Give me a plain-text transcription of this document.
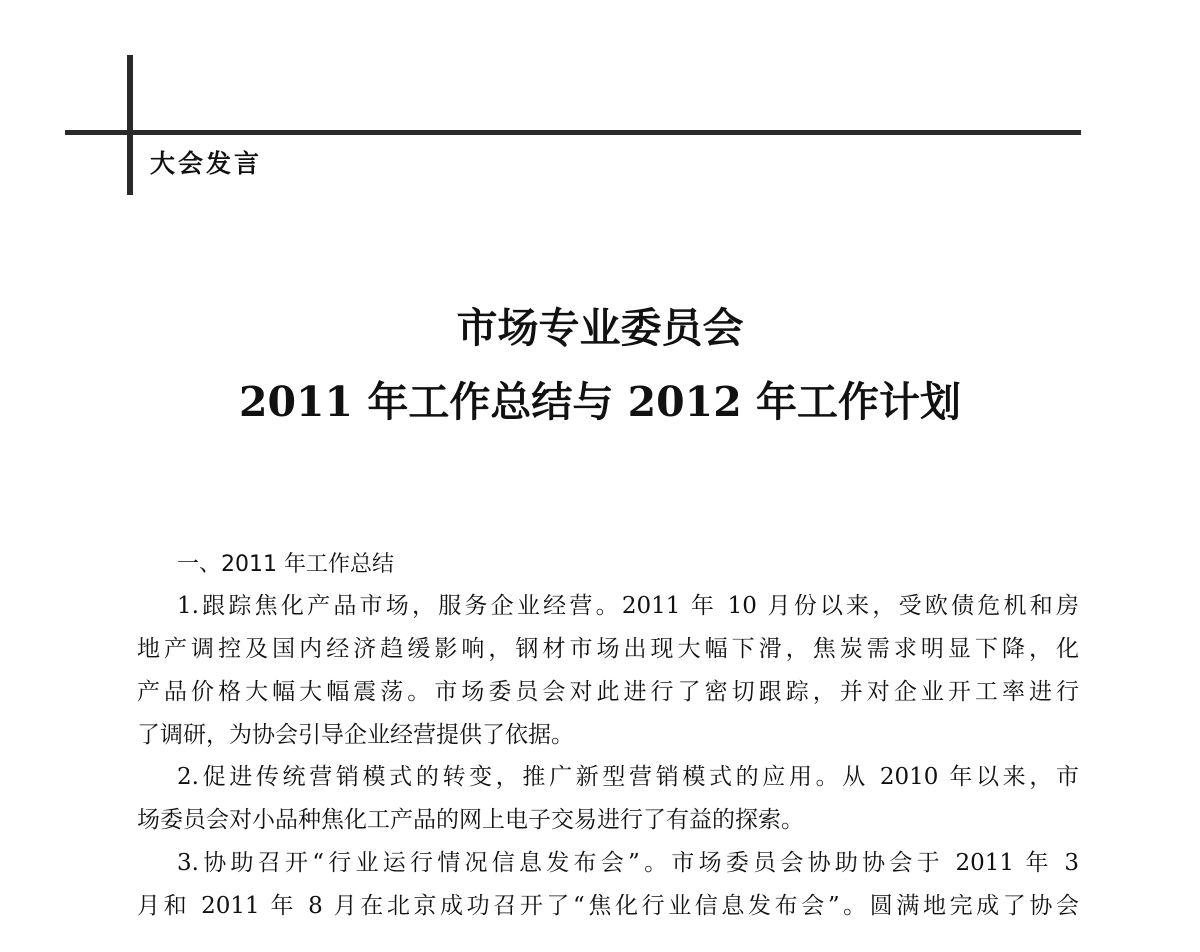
大会发言
市场专业委员会
2011 年工作总结与 2012 年工作计划
一、2011 年工作总结
1.跟踪焦化产品市场，服务企业经营。2011 年 10 月份以来，受欧债危机和房
地产调控及国内经济趋缓影响，钢材市场出现大幅下滑，焦炭需求明显下降，化
产品价格大幅大幅震荡。市场委员会对此进行了密切跟踪，并对企业开工率进行
了调研，为协会引导企业经营提供了依据。
2.促进传统营销模式的转变，推广新型营销模式的应用。从 2010 年以来，市
场委员会对小品种焦化工产品的网上电子交易进行了有益的探索。
3.协助召开“行业运行情况信息发布会”。市场委员会协助协会于 2011 年 3
月和 2011 年 8 月在北京成功召开了“焦化行业信息发布会”。圆满地完成了协会
